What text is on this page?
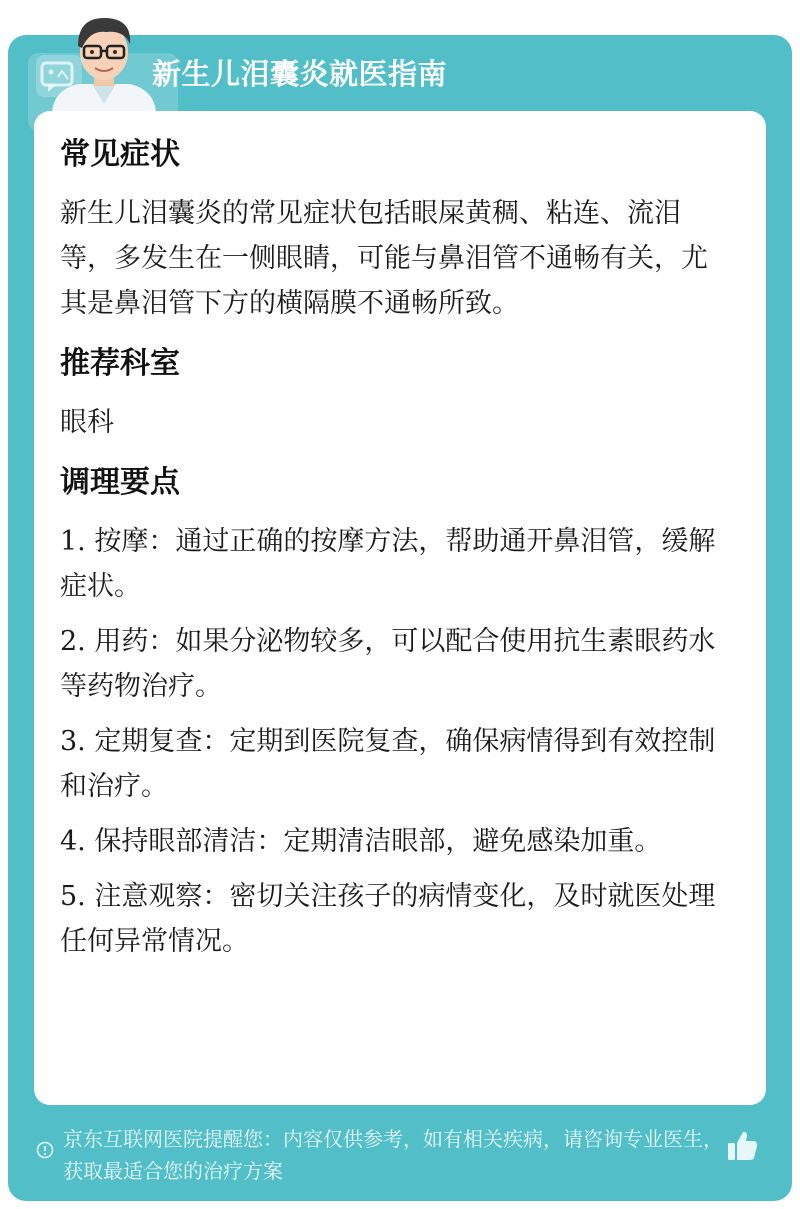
新生儿泪囊炎就医指南
常见症状
新生儿泪囊炎的常见症状包括眼屎黄稠、粘连、流泪等，多发生在一侧眼睛，可能与鼻泪管不通畅有关，尤其是鼻泪管下方的横隔膜不通畅所致。
推荐科室
眼科
调理要点
1. 按摩：通过正确的按摩方法，帮助通开鼻泪管，缓解症状。
2. 用药：如果分泌物较多，可以配合使用抗生素眼药水等药物治疗。
3. 定期复查：定期到医院复查，确保病情得到有效控制和治疗。
4. 保持眼部清洁：定期清洁眼部，避免感染加重。
5. 注意观察：密切关注孩子的病情变化，及时就医处理任何异常情况。
京东互联网医院提醒您：内容仅供参考，如有相关疾病，请咨询专业医生，获取最适合您的治疗方案
